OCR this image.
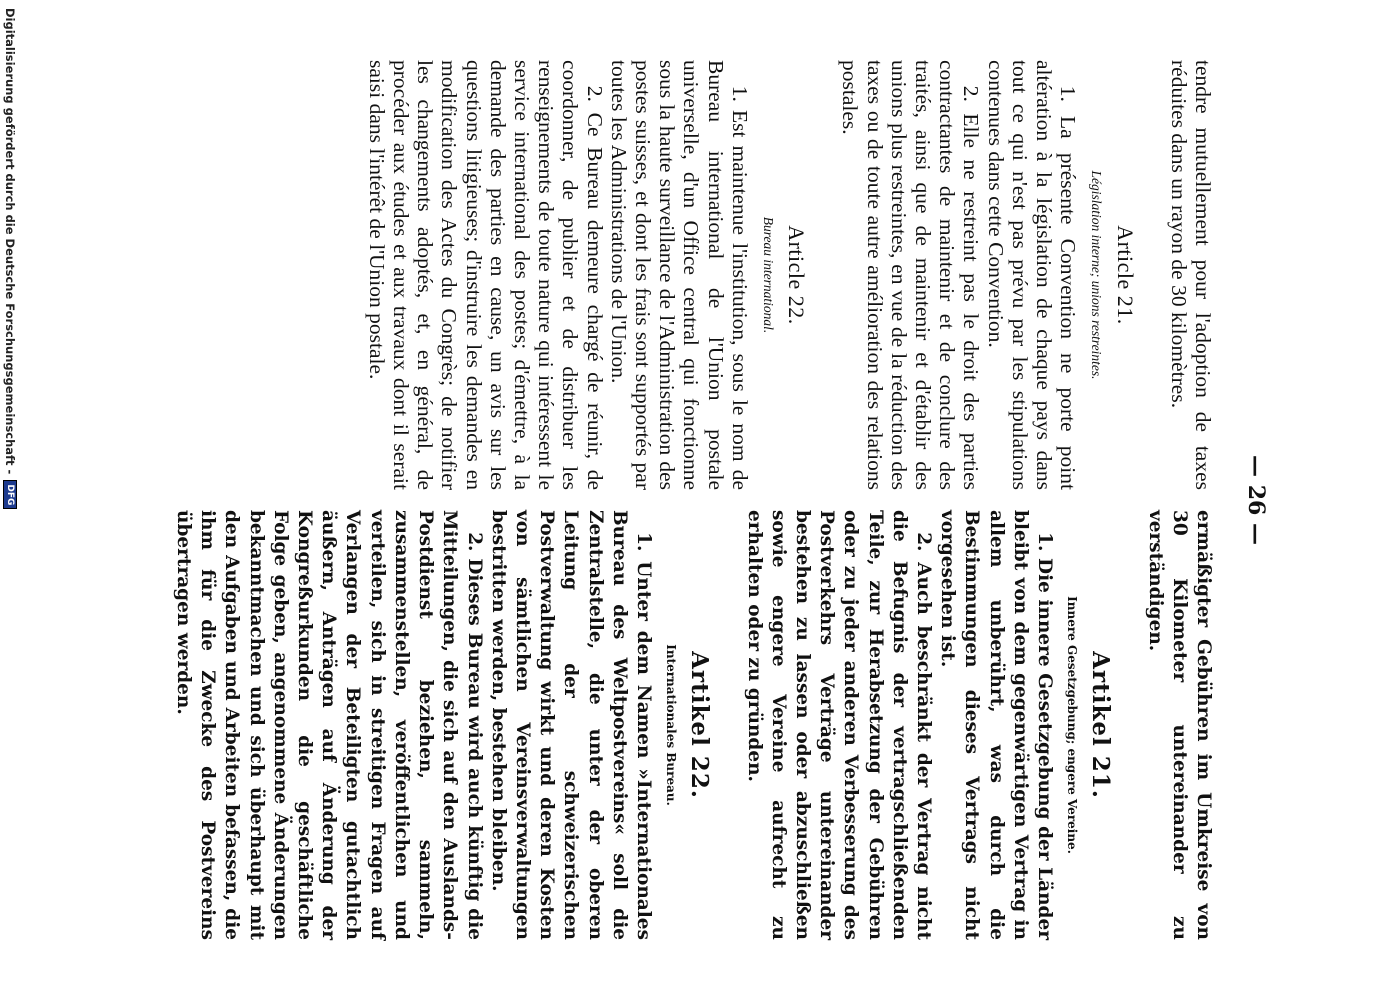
— 26 —

tendre mutuellement pour l'adoption de taxes réduites dans un rayon de 30 kilomètres.

Article 21.
Législation interne; unions restreintes.

1. La présente Convention ne porte point altération à la législation de chaque pays dans tout ce qui n'est pas prévu par les stipulations contenues dans cette Convention.

2. Elle ne restreint pas le droit des parties contractantes de maintenir et de conclure des traités, ainsi que de maintenir et d'établir des unions plus restreintes, en vue de la réduction des taxes ou de toute autre amélioration des relations postales.

Article 22.
Bureau international.

1. Est maintenue l'institution, sous le nom de Bureau international de l'Union postale universelle, d'un Office central qui fonctionne sous la haute surveillance de l'Administration des postes suisses, et dont les frais sont supportés par toutes les Administrations de l'Union.

2. Ce Bureau demeure chargé de réunir, de coordonner, de publier et de distribuer les renseignements de toute nature qui intéressent le service international des postes; d'émettre, à la demande des parties en cause, un avis sur les questions litigieuses; d'instruire les demandes en modification des Actes du Congrès; de notifier les changements adoptés, et, en général, de procéder aux études et aux travaux dont il serait saisi dans l'intérêt de l'Union postale.

ermäßigter Gebühren im Umkreise von 30 Kilometer untereinander zu verständigen.

Artikel 21.
Innere Gesetzgebung; engere Vereine.

1. Die innere Gesetzgebung der Länder bleibt von dem gegenwärtigen Vertrag in allem unberührt, was durch die Bestimmungen dieses Vertrags nicht vorgesehen ist.

2. Auch beschränkt der Vertrag nicht die Befugnis der vertragschließenden Teile, zur Herabsetzung der Gebühren oder zu jeder anderen Verbesserung des Postverkehrs Verträge untereinander bestehen zu lassen oder abzuschließen sowie engere Vereine aufrecht zu erhalten oder zu gründen.

Artikel 22.
Internationales Bureau.

1. Unter dem Namen »Internationales Bureau des Weltpostvereins« soll die Zentralstelle, die unter der oberen Leitung der schweizerischen Postverwaltung wirkt und deren Kosten von sämtlichen Vereinsverwaltungen bestritten werden, bestehen bleiben.

2. Dieses Bureau wird auch künftig die Mitteilungen, die sich auf den Auslands-Postdienst beziehen, sammeln, zusammenstellen, veröffentlichen und verteilen, sich in streitigen Fragen auf Verlangen der Beteiligten gutachtlich äußern, Anträgen auf Änderung der Kongreßurkunden die geschäftliche Folge geben, angenommene Änderungen bekanntmachen und sich überhaupt mit den Aufgaben und Arbeiten befassen, die ihm für die Zwecke des Postvereins übertragen werden.

Digitalisierung gefördert durch die Deutsche Forschungsgemeinschaft -
DFG
